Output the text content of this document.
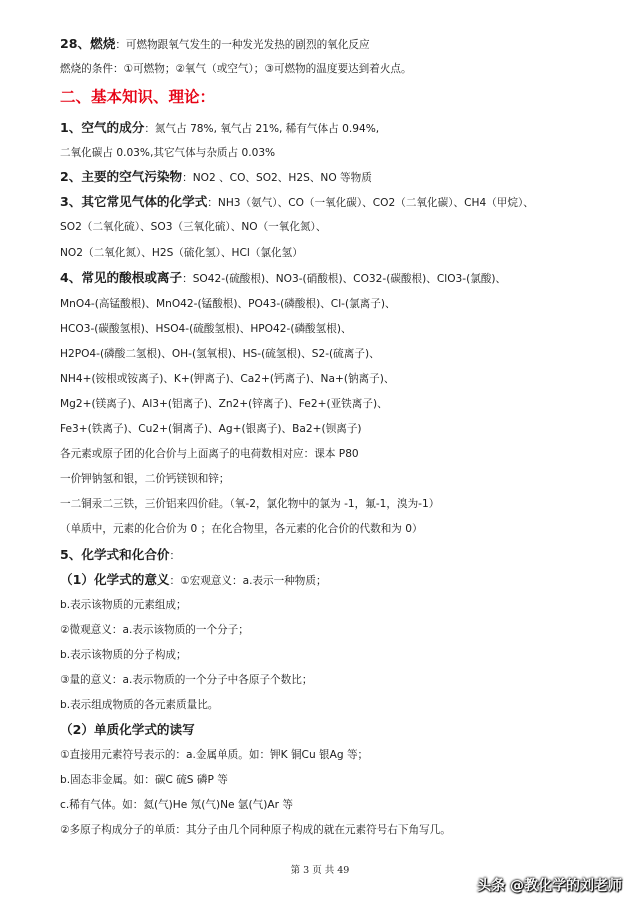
28、燃烧：可燃物跟氧气发生的一种发光发热的剧烈的氧化反应
燃烧的条件：①可燃物；②氧气（或空气）；③可燃物的温度要达到着火点。
二、基本知识、理论：
1、空气的成分：氮气占 78%, 氧气占 21%, 稀有气体占 0.94%,
二氧化碳占 0.03%,其它气体与杂质占 0.03%
2、主要的空气污染物：NO2 、CO、SO2、H2S、NO 等物质
3、其它常见气体的化学式：NH3（氨气）、CO（一氧化碳）、CO2（二氧化碳）、CH4（甲烷）、
SO2（二氧化硫）、SO3（三氧化硫）、NO（一氧化氮）、
NO2（二氧化氮）、H2S（硫化氢）、HCl（氯化氢）
4、常见的酸根或离子：SO42-(硫酸根)、NO3-(硝酸根)、CO32-(碳酸根)、ClO3-(氯酸)、
MnO4-(高锰酸根)、MnO42-(锰酸根)、PO43-(磷酸根)、Cl-(氯离子)、
HCO3-(碳酸氢根)、HSO4-(硫酸氢根)、HPO42-(磷酸氢根)、
H2PO4-(磷酸二氢根)、OH-(氢氧根)、HS-(硫氢根)、S2-(硫离子)、
NH4+(铵根或铵离子)、K+(钾离子)、Ca2+(钙离子)、Na+(钠离子)、
Mg2+(镁离子)、Al3+(铝离子)、Zn2+(锌离子)、Fe2+(亚铁离子)、
Fe3+(铁离子)、Cu2+(铜离子)、Ag+(银离子)、Ba2+(钡离子)
各元素或原子团的化合价与上面离子的电荷数相对应：课本 P80
一价钾钠氢和银，二价钙镁钡和锌；
一二铜汞二三铁，三价铝来四价硅。（氧-2，氯化物中的氯为 -1，氟-1，溴为-1）
（单质中，元素的化合价为 0 ；在化合物里，各元素的化合价的代数和为 0）
5、化学式和化合价：
（1）化学式的意义：①宏观意义：a.表示一种物质；
b.表示该物质的元素组成；
②微观意义：a.表示该物质的一个分子；
b.表示该物质的分子构成；
③量的意义：a.表示物质的一个分子中各原子个数比；
b.表示组成物质的各元素质量比。
（2）单质化学式的读写
①直接用元素符号表示的：a.金属单质。如：钾K 铜Cu 银Ag 等；
b.固态非金属。如：碳C 硫S 磷P 等
c.稀有气体。如：氦(气)He 氖(气)Ne 氩(气)Ar 等
②多原子构成分子的单质：其分子由几个同种原子构成的就在元素符号右下角写几。
第 3 页 共 49
头条 @教化学的刘老师
